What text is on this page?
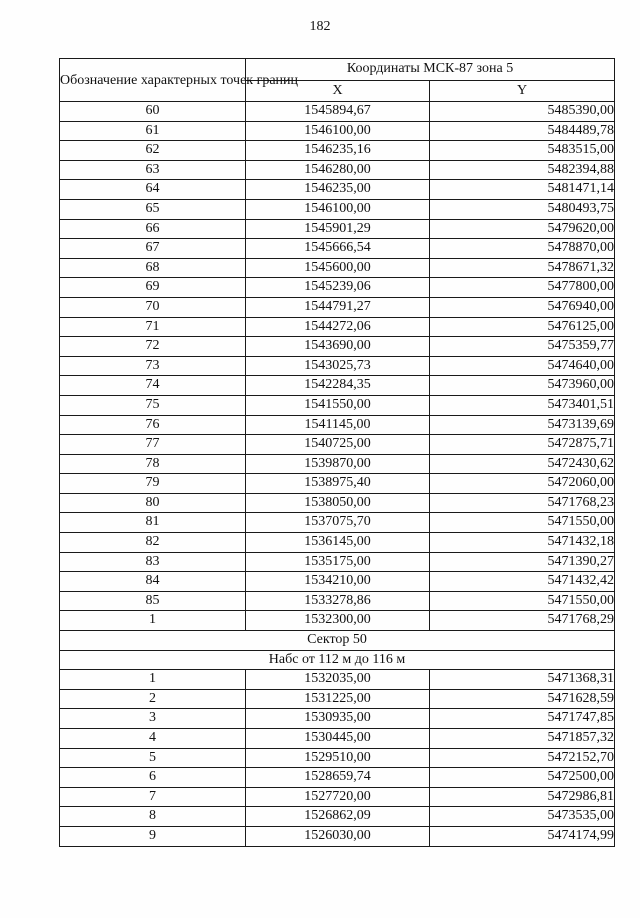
182
Обозначение характерных точек границ	Координаты МСК-87 зона 5	
	X	Y
60	1545894,67	5485390,00
61	1546100,00	5484489,78
62	1546235,16	5483515,00
63	1546280,00	5482394,88
64	1546235,00	5481471,14
65	1546100,00	5480493,75
66	1545901,29	5479620,00
67	1545666,54	5478870,00
68	1545600,00	5478671,32
69	1545239,06	5477800,00
70	1544791,27	5476940,00
71	1544272,06	5476125,00
72	1543690,00	5475359,77
73	1543025,73	5474640,00
74	1542284,35	5473960,00
75	1541550,00	5473401,51
76	1541145,00	5473139,69
77	1540725,00	5472875,71
78	1539870,00	5472430,62
79	1538975,40	5472060,00
80	1538050,00	5471768,23
81	1537075,70	5471550,00
82	1536145,00	5471432,18
83	1535175,00	5471390,27
84	1534210,00	5471432,42
85	1533278,86	5471550,00
1	1532300,00	5471768,29
Сектор 50		
Набс от 112 м до 116 м		
1	1532035,00	5471368,31
2	1531225,00	5471628,59
3	1530935,00	5471747,85
4	1530445,00	5471857,32
5	1529510,00	5472152,70
6	1528659,74	5472500,00
7	1527720,00	5472986,81
8	1526862,09	5473535,00
9	1526030,00	5474174,99
